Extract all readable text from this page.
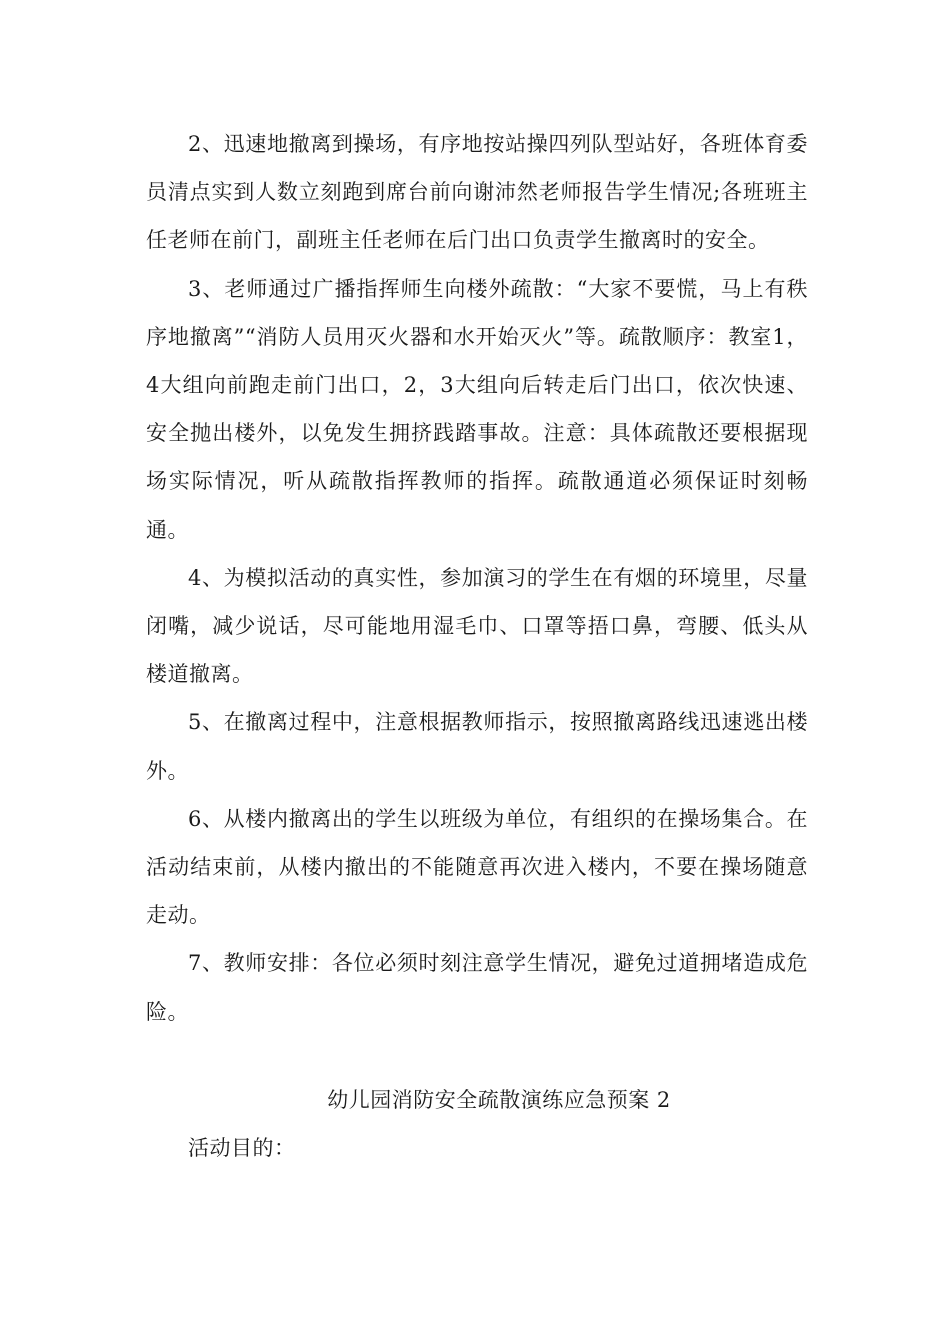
2、迅速地撤离到操场，有序地按站操四列队型站好，各班体育委员清点实到人数立刻跑到席台前向谢沛然老师报告学生情况;各班班主任老师在前门，副班主任老师在后门出口负责学生撤离时的安全。

3、老师通过广播指挥师生向楼外疏散：“大家不要慌，马上有秩序地撤离”“消防人员用灭火器和水开始灭火”等。疏散顺序：教室1，4大组向前跑走前门出口，2，3大组向后转走后门出口，依次快速、安全抛出楼外，以免发生拥挤践踏事故。注意：具体疏散还要根据现场实际情况，听从疏散指挥教师的指挥。疏散通道必须保证时刻畅通。

4、为模拟活动的真实性，参加演习的学生在有烟的环境里，尽量闭嘴，减少说话，尽可能地用湿毛巾、口罩等捂口鼻，弯腰、低头从楼道撤离。

5、在撤离过程中，注意根据教师指示，按照撤离路线迅速逃出楼外。

6、从楼内撤离出的学生以班级为单位，有组织的在操场集合。在活动结束前，从楼内撤出的不能随意再次进入楼内，不要在操场随意走动。

7、教师安排：各位必须时刻注意学生情况，避免过道拥堵造成危险。

幼儿园消防安全疏散演练应急预案 2

活动目的：
